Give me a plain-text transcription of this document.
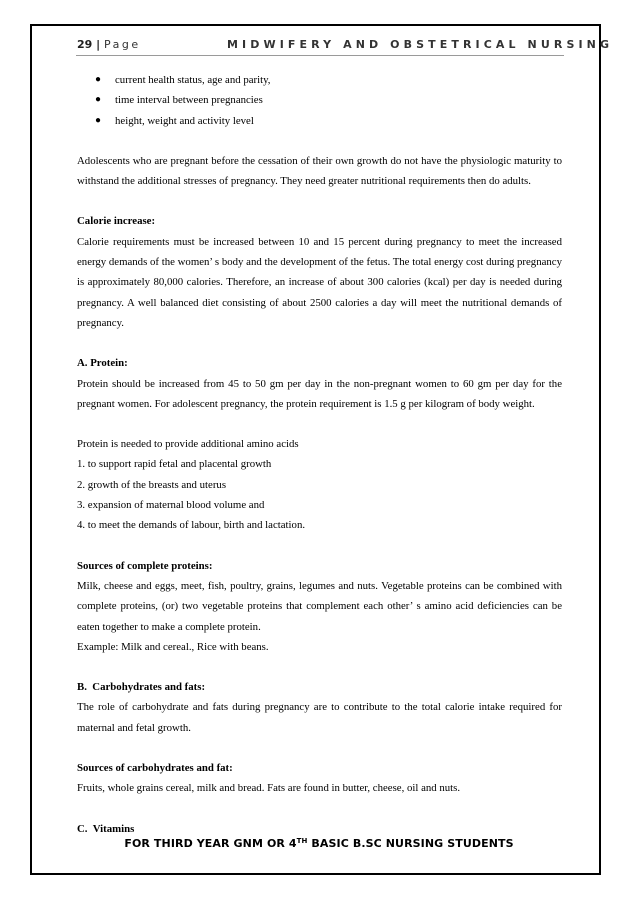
29 | Page	MIDWIFERY AND OBSTETRICAL NURSING
● current health status, age and parity,
● time interval between pregnancies
● height, weight and activity level

Adolescents who are pregnant before the cessation of their own growth do not have the physiologic maturity to withstand the additional stresses of pregnancy. They need greater nutritional requirements then do adults.

Calorie increase:

Calorie requirements must be increased between 10 and 15 percent during pregnancy to meet the increased energy demands of the women’ s body and the development of the fetus. The total energy cost during pregnancy is approximately 80,000 calories. Therefore, an increase of about 300 calories (kcal) per day is needed during pregnancy. A well balanced diet consisting of about 2500 calories a day will meet the nutritional demands of pregnancy.

A. Protein:

Protein should be increased from 45 to 50 gm per day in the non-pregnant women to 60 gm per day for the pregnant women. For adolescent pregnancy, the protein requirement is 1.5 g per kilogram of body weight.

Protein is needed to provide additional amino acids

1. to support rapid fetal and placental growth

2. growth of the breasts and uterus

3. expansion of maternal blood volume and

4. to meet the demands of labour, birth and lactation.

Sources of complete proteins:

Milk, cheese and eggs, meet, fish, poultry, grains, legumes and nuts. Vegetable proteins can be combined with complete proteins, (or) two vegetable proteins that complement each other’ s amino acid deficiencies can be eaten together to make a complete protein.

Example: Milk and cereal., Rice with beans.

B.  Carbohydrates and fats:

The role of carbohydrate and fats during pregnancy are to contribute to the total calorie intake required for maternal and fetal growth.

Sources of carbohydrates and fat:

Fruits, whole grains cereal, milk and bread. Fats are found in butter, cheese, oil and nuts.

C.  Vitamins

FOR THIRD YEAR GNM OR 4TH BASIC B.SC NURSING STUDENTS
